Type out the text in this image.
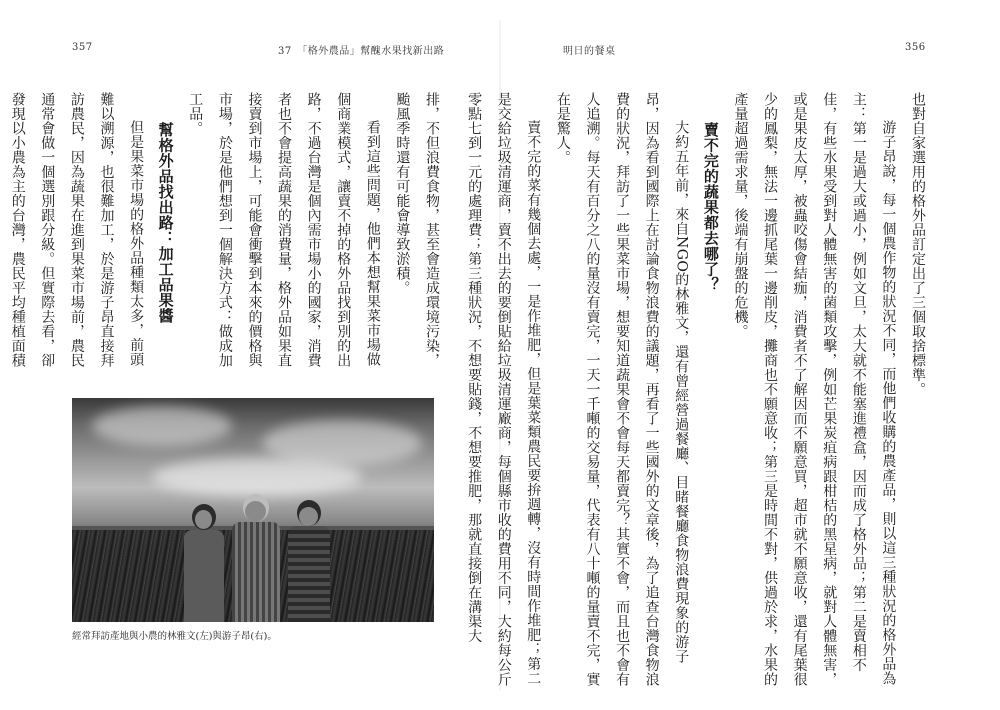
357	37　「格外農品」幫醜水果找新出路	明日的餐桌	356

也對自家選用的格外品訂定出了三個取捨標準。

游子昂說，每一個農作物的狀況不同，而他們收購的農產品，則以這三種狀況的格外品為主：第一是過大或過小，例如文旦，太大就不能塞進禮盒，因而成了格外品；第二是賣相不佳，有些水果受到對人體無害的菌類攻擊，例如芒果炭疽病跟柑桔的黑星病，就對人體無害，或是果皮太厚，被蟲咬傷會結痂，消費者不了解因而不願意買，超市就不願意收，還有尾葉很少的鳳梨，無法一邊抓尾葉一邊削皮，攤商也不願意收；第三是時間不對，供過於求，水果的產量超過需求量，後端有崩盤的危機。

賣不完的蔬果都去哪了？

大約五年前，來自NGO的林雅文，還有曾經營過餐廳、目睹餐廳食物浪費現象的游子昂，因為看到國際上在討論食物浪費的議題，再看了一些國外的文章後，為了追查台灣食物浪費的狀況，拜訪了一些果菜市場，想要知道蔬果會不會每天都賣完？其實不會，而且也不會有人追溯。每天有百分之八的量沒有賣完，一天一千噸的交易量，代表有八十噸的量賣不完，實在是驚人。

賣不完的菜有幾個去處，一是作堆肥，但是葉菜類農民要拚週轉，沒有時間作堆肥；第二是交給垃圾清運商，賣不出去的要倒貼給垃圾清運廠商，每個縣市收的費用不同，大約每公斤零點七到一元的處理費；第三種狀況，不想要貼錢，不想要推肥，那就直接倒在溝渠大

排，不但浪費食物，甚至會造成環境污染，颱風季時還有可能會導致淤積。

看到這些問題，他們本想幫果菜市場做個商業模式，讓賣不掉的格外品找到別的出路，不過台灣是個內需市場小的國家，消費者也不會提高蔬果的消費量，格外品如果直接賣到市場上，可能會衝擊到本來的價格與市場，於是他們想到一個解決方式：做成加工品。

幫格外品找出路：加工品果醬

但是果菜市場的格外品種類太多，前頭難以溯源，也很難加工，於是游子昂直接拜訪農民，因為蔬果在進到果菜市場前，農民通常會做一個選別跟分級。但實際去看，卻發現以小農為主的台灣，農民平均種植面積

經常拜訪產地與小農的林雅文(左)與游子昂(右)。
